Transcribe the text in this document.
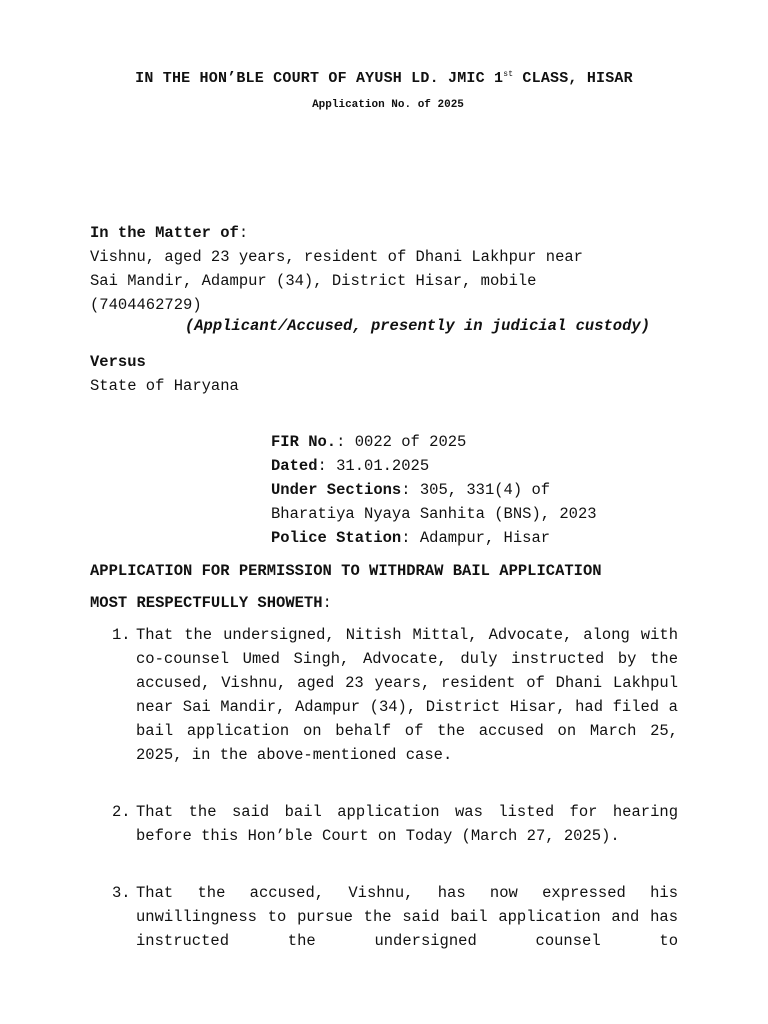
IN THE HON’BLE COURT OF AYUSH LD. JMIC 1st CLASS, HISAR
Application No. of 2025
In the Matter of:
Vishnu, aged 23 years, resident of Dhani Lakhpur near
Sai Mandir, Adampur (34), District Hisar, mobile
(7404462729)
(Applicant/Accused, presently in judicial custody)
Versus
State of Haryana
FIR No.: 0022 of 2025
Dated: 31.01.2025
Under Sections: 305, 331(4) of
Bharatiya Nyaya Sanhita (BNS), 2023
Police Station: Adampur, Hisar
APPLICATION FOR PERMISSION TO WITHDRAW BAIL APPLICATION
MOST RESPECTFULLY SHOWETH:
1. That the undersigned, Nitish Mittal, Advocate, along with co-counsel Umed Singh, Advocate, duly instructed by the accused, Vishnu, aged 23 years, resident of Dhani Lakhpul near Sai Mandir, Adampur (34), District Hisar, had filed a bail application on behalf of the accused on March 25, 2025, in the above-mentioned case.
2. That the said bail application was listed for hearing before this Hon’ble Court on Today (March 27, 2025).
3. That the accused, Vishnu, has now expressed his unwillingness to pursue the said bail application and has instructed the undersigned counsel to
